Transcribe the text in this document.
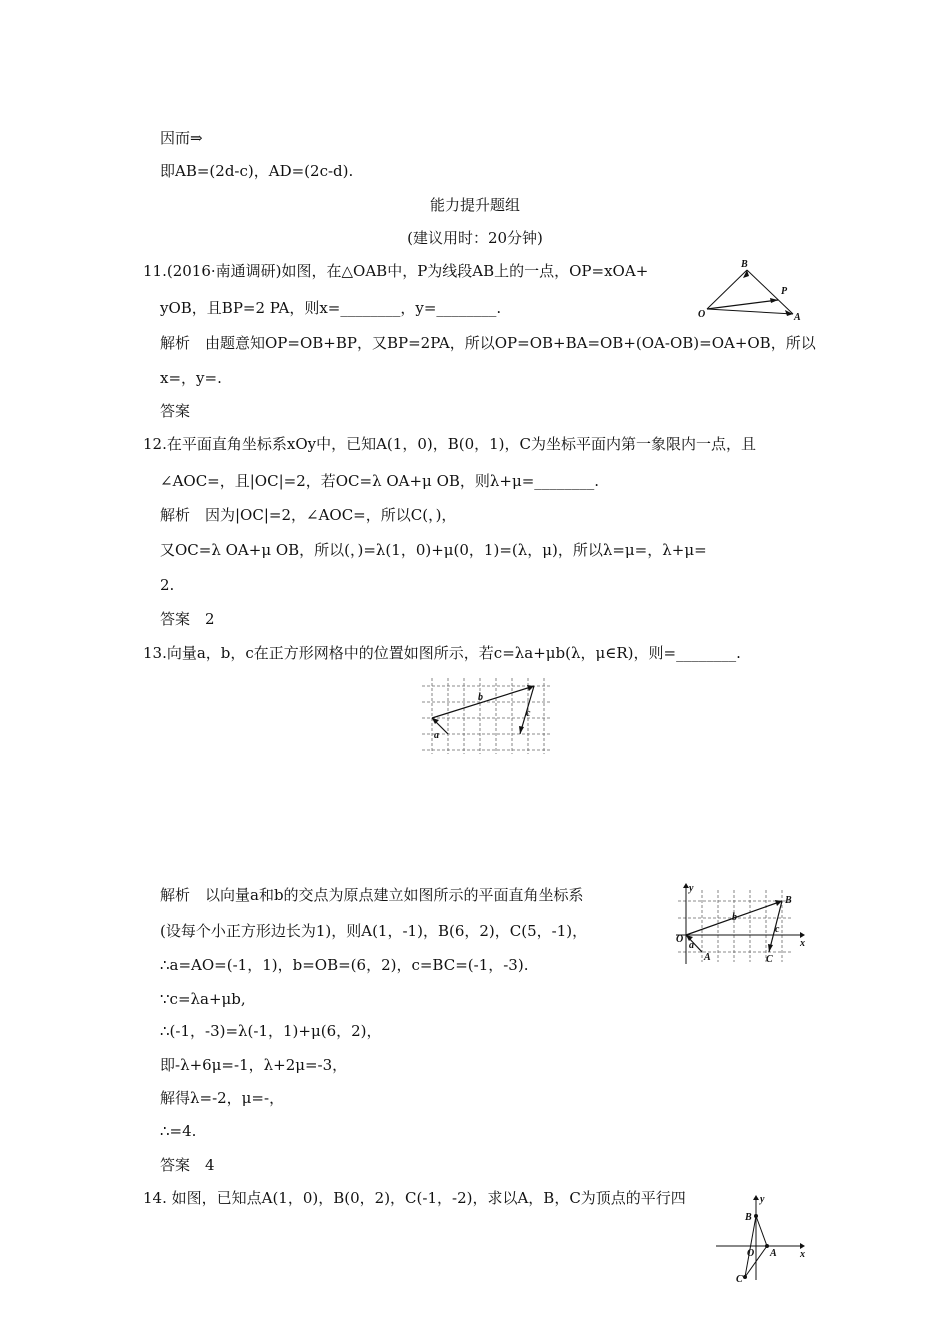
因而⇒
即AB=(2d-c)，AD=(2c-d).
能力提升题组
(建议用时：20分钟)
11.(2016·南通调研)如图，在△OAB中，P为线段AB上的一点，OP=xOA+
yOB，且BP=2 PA，则x=________，y=________.
解析　由题意知OP=OB+BP，又BP=2PA，所以OP=OB+BA=OB+(OA-OB)=OA+OB，所以
x=，y=.
答案
12.在平面直角坐标系xOy中，已知A(1，0)，B(0，1)，C为坐标平面内第一象限内一点，且
∠AOC=，且|OC|=2，若OC=λ OA+μ OB，则λ+μ=________.
解析　因为|OC|=2，∠AOC=，所以C(，)，
又OC=λ OA+μ OB，所以(，)=λ(1，0)+μ(0，1)=(λ，μ)，所以λ=μ=，λ+μ=
2.
答案　2
13.向量a，b，c在正方形网格中的位置如图所示，若c=λa+μb(λ，μ∈R)，则=________.
B
P
O	A
a
b
c
解析　以向量a和b的交点为原点建立如图所示的平面直角坐标系
(设每个小正方形边长为1)，则A(1，-1)，B(6，2)，C(5，-1)，
∴a=AO=(-1，1)，b=OB=(6，2)，c=BC=(-1，-3).
∵c=λa+μb,
∴(-1，-3)=λ(-1，1)+μ(6，2)，
即-λ+6μ=-1，λ+2μ=-3，
解得λ=-2，μ=-，
∴=4.
答案　4
y
x
B
b
c
O
a
A	C
14. 如图，已知点A(1，0)，B(0，2)，C(-1，-2)，求以A，B，C为顶点的平行四	y
x
B
O A
C
